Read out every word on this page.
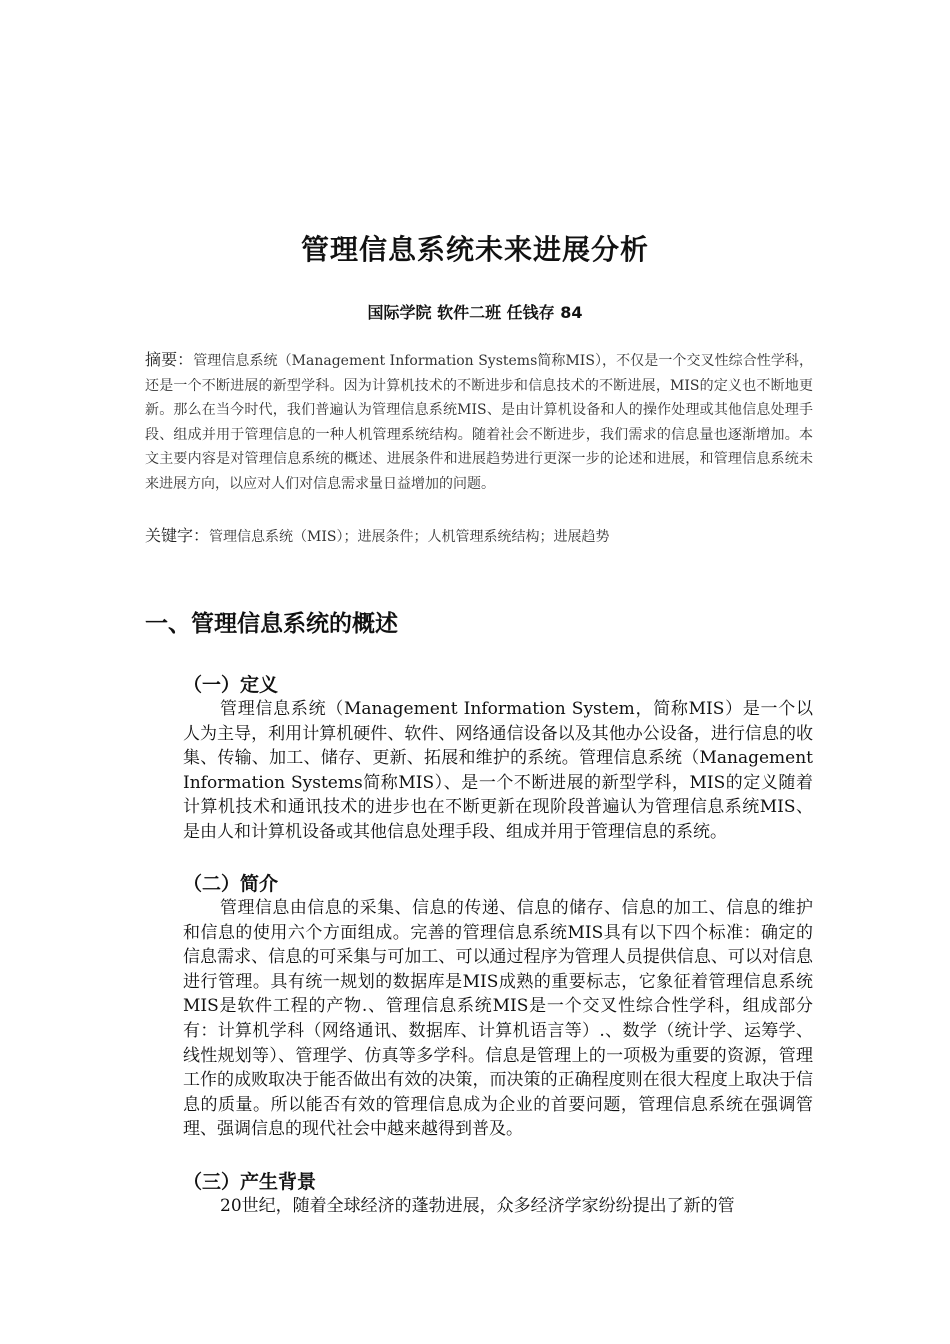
管理信息系统未来进展分析
国际学院 软件二班 任钱存 84
摘要：管理信息系统（Management Information Systems简称MIS），不仅是一个交叉性综合性学科，还是一个不断进展的新型学科。因为计算机技术的不断进步和信息技术的不断进展，MIS的定义也不断地更新。那么在当今时代，我们普遍认为管理信息系统MIS、是由计算机设备和人的操作处理或其他信息处理手段、组成并用于管理信息的一种人机管理系统结构。随着社会不断进步，我们需求的信息量也逐渐增加。本文主要内容是对管理信息系统的概述、进展条件和进展趋势进行更深一步的论述和进展，和管理信息系统未来进展方向，以应对人们对信息需求量日益增加的问题。
关键字：管理信息系统（MIS）；进展条件；人机管理系统结构；进展趋势
一、管理信息系统的概述
（一）定义
管理信息系统（Management Information System，简称MIS）是一个以人为主导，利用计算机硬件、软件、网络通信设备以及其他办公设备，进行信息的收集、传输、加工、储存、更新、拓展和维护的系统。管理信息系统（Management Information Systems简称MIS）、是一个不断进展的新型学科，MIS的定义随着计算机技术和通讯技术的进步也在不断更新在现阶段普遍认为管理信息系统MIS、是由人和计算机设备或其他信息处理手段、组成并用于管理信息的系统。
（二）简介
管理信息由信息的采集、信息的传递、信息的储存、信息的加工、信息的维护和信息的使用六个方面组成。完善的管理信息系统MIS具有以下四个标准：确定的信息需求、信息的可采集与可加工、可以通过程序为管理人员提供信息、可以对信息进行管理。具有统一规划的数据库是MIS成熟的重要标志，它象征着管理信息系统MIS是软件工程的产物.、管理信息系统MIS是一个交叉性综合性学科，组成部分有：计算机学科（网络通讯、数据库、计算机语言等）.、数学（统计学、运筹学、线性规划等）、管理学、仿真等多学科。信息是管理上的一项极为重要的资源，管理工作的成败取决于能否做出有效的决策，而决策的正确程度则在很大程度上取决于信息的质量。所以能否有效的管理信息成为企业的首要问题，管理信息系统在强调管理、强调信息的现代社会中越来越得到普及。
（三）产生背景
20世纪，随着全球经济的蓬勃进展，众多经济学家纷纷提出了新的管
